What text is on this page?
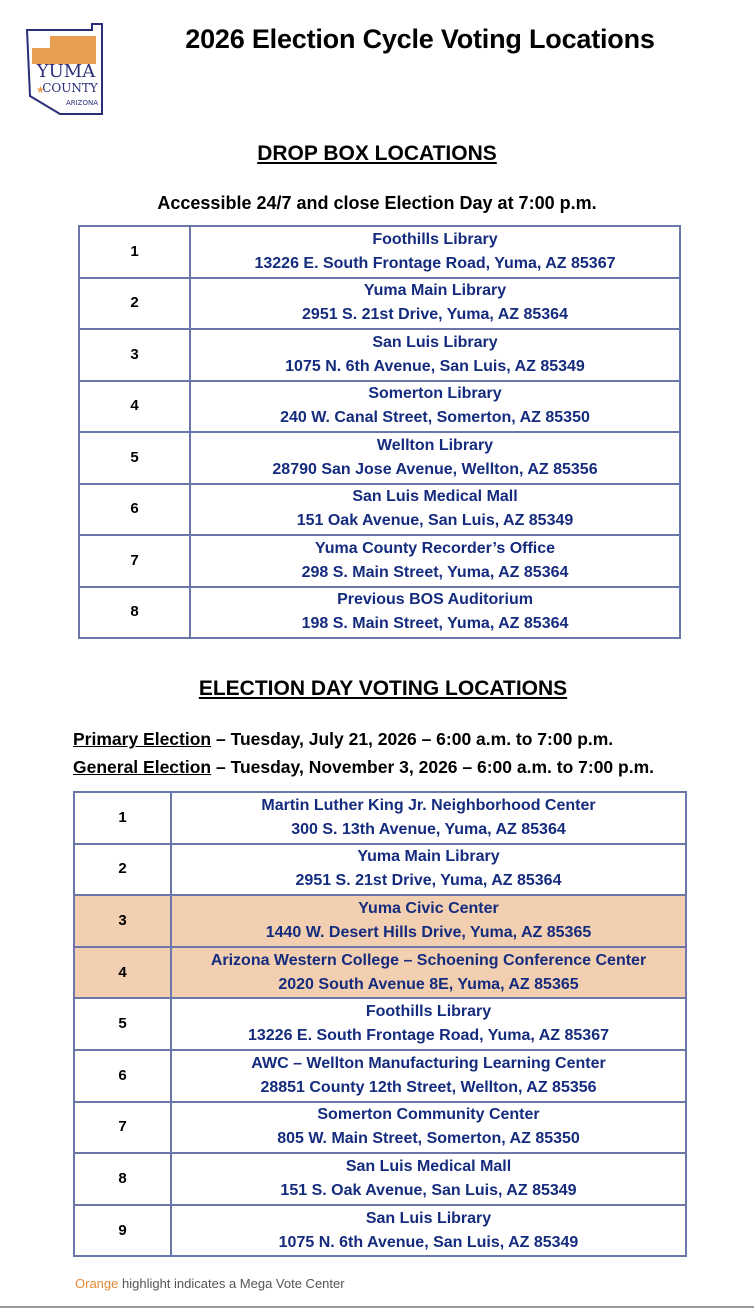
YUMA
COUNTY
ARIZONA
★
2026 Election Cycle Voting Locations
DROP BOX LOCATIONS
Accessible 24/7 and close Election Day at 7:00 p.m.
1	Foothills Library
13226 E. South Frontage Road, Yuma, AZ 85367

2	Yuma Main Library
2951 S. 21st Drive, Yuma, AZ 85364

3	San Luis Library
1075 N. 6th Avenue, San Luis, AZ 85349

4	Somerton Library
240 W. Canal Street, Somerton, AZ 85350

5	Wellton Library
28790 San Jose Avenue, Wellton, AZ 85356

6	San Luis Medical Mall
151 Oak Avenue, San Luis, AZ 85349

7	Yuma County Recorder’s Office
298 S. Main Street, Yuma, AZ 85364

8	Previous BOS Auditorium
198 S. Main Street, Yuma, AZ 85364
ELECTION DAY VOTING LOCATIONS
Primary Election – Tuesday, July 21, 2026 – 6:00 a.m. to 7:00 p.m.
General Election – Tuesday, November 3, 2026 – 6:00 a.m. to 7:00 p.m.
1	Martin Luther King Jr. Neighborhood Center
300 S. 13th Avenue, Yuma, AZ 85364

2	Yuma Main Library
2951 S. 21st Drive, Yuma, AZ 85364

3	Yuma Civic Center
1440 W. Desert Hills Drive, Yuma, AZ 85365

4	Arizona Western College – Schoening Conference Center
2020 South Avenue 8E, Yuma, AZ 85365

5	Foothills Library
13226 E. South Frontage Road, Yuma, AZ 85367

6	AWC – Wellton Manufacturing Learning Center
28851 County 12th Street, Wellton, AZ 85356

7	Somerton Community Center
805 W. Main Street, Somerton, AZ 85350

8	San Luis Medical Mall
151 S. Oak Avenue, San Luis, AZ 85349

9	San Luis Library
1075 N. 6th Avenue, San Luis, AZ 85349
Orange highlight indicates a Mega Vote Center
